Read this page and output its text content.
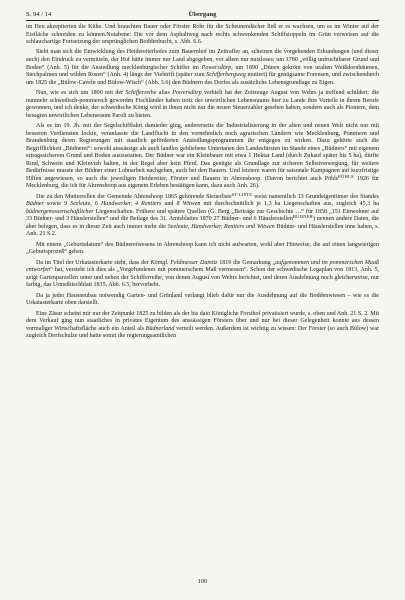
S. 94 / 14	Übergang

im Heu akzeptierten die Kühe. Und brauchten Bauer oder Förster Rohr für die Scheunendächer ließ er es wachsen, um es im Winter auf der Eisfläche schneiden zu können.Notabene: Die vor dem Asphaltweg nach rechts schwenkenden Schilfstoppeln im Grün verweisen auf die schlauchartige Fortsetzung der ursprünglichen Boddenbucht, s. Abb. 6.6.

Sieht man sich die Entwicklung des Heidereiterhofes zum Bauernhof im Zeitraffer an, scheinen die vorgehenden Erkundungen (und dieser auch) den Eindruck zu vermitteln, der Hof hätte immer nur Land abgegeben, vor allem nur nutzloses: um 1780 „völlig unfruchtbarer Grund und Boden“ (Anh. 5) für die Ansiedlung mecklenburgischer Schiffer im Powersdörp, um 1890 „Dünen gekrönt von uralten Weißdornbäumen, Stechpalmen und wilden Rosen“ (Anh. 4) längs der Viehtrift (später zum Schifferbergweg mutiert) für genügsame Forensen, und zwischendurch um 1825 die „Bülow-Caveln und Bülow-Wisch“ (Abb. 3.6) den Büdnern des Dorfes als zusätzliche Lebensgrundlage zu Eigen.

Nun, wie es sich um 1800 mit der Schifferreihe alias Powersdörp verhielt hat der Zeitzeuge August von Wehrs ja treffend schildert: die nunmehr schwedisch-pommersch geworden Fischländer haben trotz des unwirtlichen Lebensraums hier zu Lande ihre Vorteile in ihrem Berufe gewonnen, und ich denke, der schwedische König wird in ihnen nicht nur die neuen Steuerzahler gesehen haben, sondern auch als Pioniere, dem besagten unwirtlichen Lebensraum Paroli zu bieten.

Als es im 19. Jh. mit der Segelschifffahrt damieder ging, andererseits die Industrialisierung in der alten und neuen Welt nicht nur mit besseren Verdiensten lockte, veranlasste die Landflucht in den vornehmlich noch agrarischen Ländern wie Mecklenburg, Pommern und Brandenburg deren Regierungen mit staatlich geförderten Ansiedlungsprogrammen ihr entgegen zu wirken. Dazu gehörte auch die Begrifflichkeit „Büdnerei“: sowohl anssässige als auch landlos gebliebene Untertanen des Landesfürsten im Stande eines „Büdners“ mit eigenem ertragssicherem Grund und Boden auszustatten. Der Büdner war ein Kleinbauer mit etwa 1 Hektar Land (durch Zukauf später bis 5 ha), dürfte Rind, Schwein und Kleinvieh halten, in der Regel aber kein Pferd. Das genügte als Grundlage zur sicheren Selbstversorgung, für weitere Bedürfnisse musste der Büdner einer Lohnarbeit nachgehen, auch bei den Bauern. Und letztere waren für saisonale Kampagnen auf kurzfristige Hilfen angewiesen, so auch die jeweiligen Heidereiter, Förster und Bauern in Ahrenshoop. (Davon berichtet auch Pöhls$^{PÖHLS}$ 1926 für Mecklenburg, die ich für Ahrenshoop aus eigenem Erleben bestätigen kann, dazu auch Anh. 26).

Die zu den Mutterrollen der Gemeinde Ahrenshoop 1865 gehörende Steuerliste$^{ST-LISTE}$ weist namentlich 13 Grundeigentümer des Standes Büdner sowie 9 Seeleute, 6 Handwerker, 4 Rentiers und 8 Witwen mit durchschnittlich je 1,3 ha Liegenschaften aus, zugleich 45,3 ha büdnergenossenschaftlicher Liegenschaften. Frühere und spätere Quellen (G. Berg „Beiträge zur Geschichte …“ für 1858 „151 Einwohner auf 33 Büdner- und 3 Häuslerstellen“ und die Beilage des 31. Amtsblattes 1870 27 Büdner- und 6 Häuslerstellen$^{BÜDNER}$) nennen andere Daten, die aber belegen, dass es in dieser Zeit auch immer mehr die Seeleute, Handwerker, Rentiers und Witwen Büdner- und Häuslerstellen inne haben, s. Anh. 21 S.2.

Mit einem „Geburtsdatum“ des Büdnereiwesens in Ahrenshoop kann ich nicht aufwarten, wohl aber Hinweise, die auf einen langwierigen „Geburtsprozeß“ gehen.

Da im Titel der Urkatasterkarte steht, dass der Königl. Feldmesser Damitz 1819 die Gemarkung „aufgenommen und im pommerschen Maaß entworfen“ hat, versteht ich dies als „Vorgefundenes mit pommerschem Maß vermessen“. Schon der schwedische Legaplan von 1813, Anh. 5, zeigt Gartenparzellen unter und neben der Schifferreihe, von denen August von Wehrs berichtet, und deren Ausdehnung noch gleicherweise, nur farbig, das Urmeßtischblatt 1835, Abb. 6.5, hervorhebt.

Da ja jeder Hausneubau notwendig Garten- und Grünland verlangt blieb dafür nur die Ausdehnung auf die Boddenwiesen – wie es die Urkatasterkarte oben darstellt.

Eine Zäsur scheint mir nur der Zeitpunkt 1825 zu bilden als der bis dato Königliche Forsthof privatisiert wurde, s. oben und Anh. 21 S. 2. Mit dem Verkauf ging nun staatliches in privates Eigentum des anssässigen Försters über und nur bei dieser Gelegenheit konnte aus dessen vormaliger Wirtschaftsfläche auch ein Anteil als Büdnerland verteilt werden. Außerdem ist wichtig zu wissen: Der Förster (so auch Bülow) war zugleich Dorfschulze und hatte somit die regierungsamtlichen

100
